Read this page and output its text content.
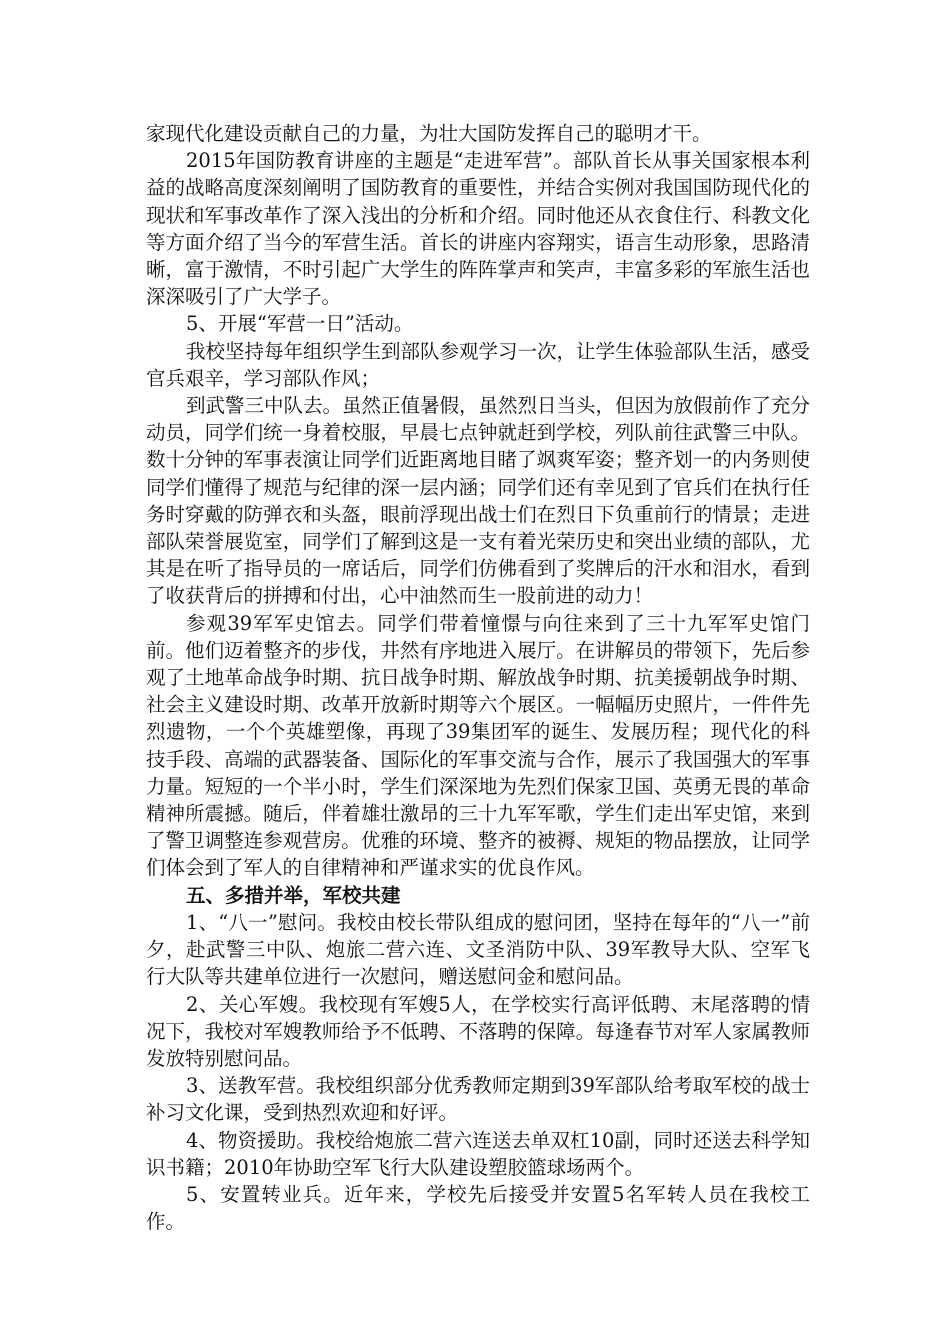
家现代化建设贡献自己的力量，为壮大国防发挥自己的聪明才干。

2015年国防教育讲座的主题是“走进军营”。部队首长从事关国家根本利益的战略高度深刻阐明了国防教育的重要性，并结合实例对我国国防现代化的现状和军事改革作了深入浅出的分析和介绍。同时他还从衣食住行、科教文化等方面介绍了当今的军营生活。首长的讲座内容翔实，语言生动形象，思路清晰，富于激情，不时引起广大学生的阵阵掌声和笑声，丰富多彩的军旅生活也深深吸引了广大学子。

5、开展“军营一日”活动。

我校坚持每年组织学生到部队参观学习一次，让学生体验部队生活，感受官兵艰辛，学习部队作风；

到武警三中队去。虽然正值暑假，虽然烈日当头，但因为放假前作了充分动员，同学们统一身着校服，早晨七点钟就赶到学校，列队前往武警三中队。数十分钟的军事表演让同学们近距离地目睹了飒爽军姿；整齐划一的内务则使同学们懂得了规范与纪律的深一层内涵；同学们还有幸见到了官兵们在执行任务时穿戴的防弹衣和头盔，眼前浮现出战士们在烈日下负重前行的情景；走进部队荣誉展览室，同学们了解到这是一支有着光荣历史和突出业绩的部队，尤其是在听了指导员的一席话后，同学们仿佛看到了奖牌后的汗水和泪水，看到了收获背后的拼搏和付出，心中油然而生一股前进的动力！

参观39军军史馆去。同学们带着憧憬与向往来到了三十九军军史馆门前。他们迈着整齐的步伐，井然有序地进入展厅。在讲解员的带领下，先后参观了土地革命战争时期、抗日战争时期、解放战争时期、抗美援朝战争时期、社会主义建设时期、改革开放新时期等六个展区。一幅幅历史照片，一件件先烈遗物，一个个英雄塑像，再现了39集团军的诞生、发展历程；现代化的科技手段、高端的武器装备、国际化的军事交流与合作，展示了我国强大的军事力量。短短的一个半小时，学生们深深地为先烈们保家卫国、英勇无畏的革命精神所震撼。随后，伴着雄壮激昂的三十九军军歌，学生们走出军史馆，来到了警卫调整连参观营房。优雅的环境、整齐的被褥、规矩的物品摆放，让同学们体会到了军人的自律精神和严谨求实的优良作风。

五、多措并举，军校共建

1、“八一”慰问。我校由校长带队组成的慰问团，坚持在每年的“八一”前夕，赴武警三中队、炮旅二营六连、文圣消防中队、39军教导大队、空军飞行大队等共建单位进行一次慰问，赠送慰问金和慰问品。

2、关心军嫂。我校现有军嫂5人，在学校实行高评低聘、末尾落聘的情况下，我校对军嫂教师给予不低聘、不落聘的保障。每逢春节对军人家属教师发放特别慰问品。

3、送教军营。我校组织部分优秀教师定期到39军部队给考取军校的战士补习文化课，受到热烈欢迎和好评。

4、物资援助。我校给炮旅二营六连送去单双杠10副，同时还送去科学知识书籍；2010年协助空军飞行大队建设塑胶篮球场两个。

5、安置转业兵。近年来，学校先后接受并安置5名军转人员在我校工作。
